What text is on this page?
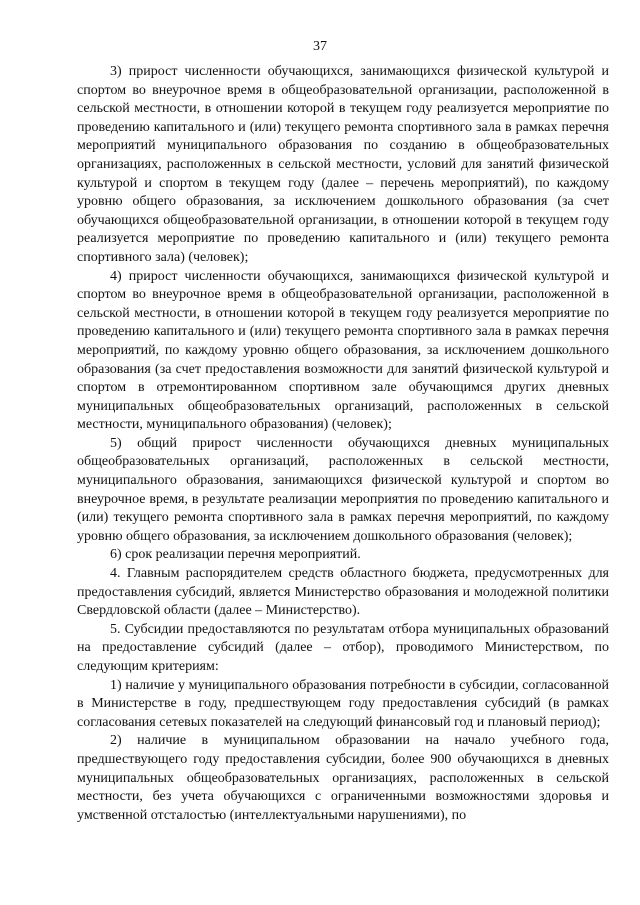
37

3) прирост численности обучающихся, занимающихся физической культурой и спортом во внеурочное время в общеобразовательной организации, расположенной в сельской местности, в отношении которой в текущем году реализуется мероприятие по проведению капитального и (или) текущего ремонта спортивного зала в рамках перечня мероприятий муниципального образования по созданию в общеобразовательных организациях, расположенных в сельской местности, условий для занятий физической культурой и спортом в текущем году (далее – перечень мероприятий), по каждому уровню общего образования, за исключением дошкольного образования (за счет обучающихся общеобразовательной организации, в отношении которой в текущем году реализуется мероприятие по проведению капитального и (или) текущего ремонта спортивного зала) (человек);

4) прирост численности обучающихся, занимающихся физической культурой и спортом во внеурочное время в общеобразовательной организации, расположенной в сельской местности, в отношении которой в текущем году реализуется мероприятие по проведению капитального и (или) текущего ремонта спортивного зала в рамках перечня мероприятий, по каждому уровню общего образования, за исключением дошкольного образования (за счет предоставления возможности для занятий физической культурой и спортом в отремонтированном спортивном зале обучающимся других дневных муниципальных общеобразовательных организаций, расположенных в сельской местности, муниципального образования) (человек);

5) общий прирост численности обучающихся дневных муниципальных общеобразовательных организаций, расположенных в сельской местности, муниципального образования, занимающихся физической культурой и спортом во внеурочное время, в результате реализации мероприятия по проведению капитального и (или) текущего ремонта спортивного зала в рамках перечня мероприятий, по каждому уровню общего образования, за исключением дошкольного образования (человек);

6) срок реализации перечня мероприятий.

4. Главным распорядителем средств областного бюджета, предусмотренных для предоставления субсидий, является Министерство образования и молодежной политики Свердловской области (далее – Министерство).

5. Субсидии предоставляются по результатам отбора муниципальных образований на предоставление субсидий (далее – отбор), проводимого Министерством, по следующим критериям:

1) наличие у муниципального образования потребности в субсидии, согласованной в Министерстве в году, предшествующем году предоставления субсидий (в рамках согласования сетевых показателей на следующий финансовый год и плановый период);

2) наличие в муниципальном образовании на начало учебного года, предшествующего году предоставления субсидии, более 900 обучающихся в дневных муниципальных общеобразовательных организациях, расположенных в сельской местности, без учета обучающихся с ограниченными возможностями здоровья и умственной отсталостью (интеллектуальными нарушениями), по
